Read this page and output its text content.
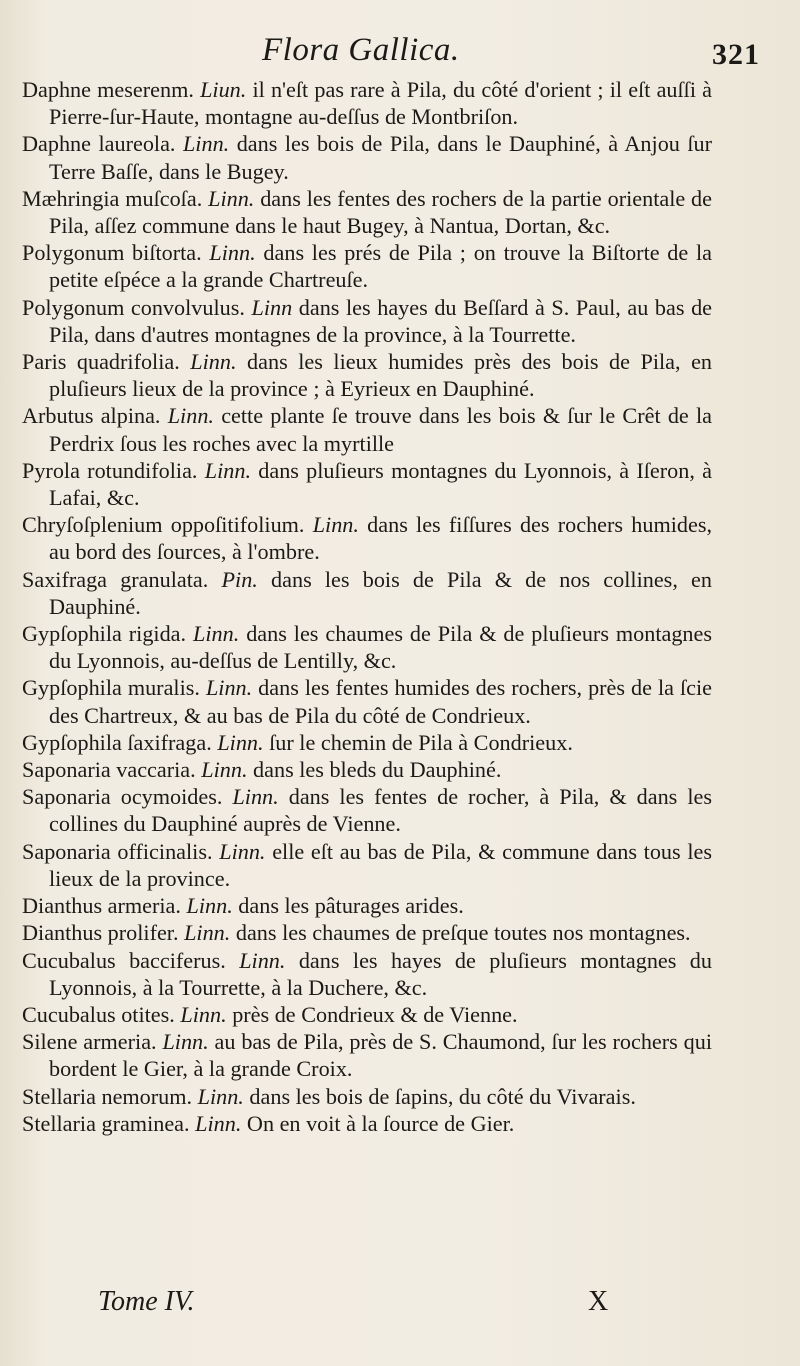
Flora Gallica.	321

Daphne meserenm. Liun. il n'eſt pas rare à Pila, du côté d'orient ; il eſt auſſi à Pierre-ſur-Haute, montagne au-deſſus de Montbriſon.

Daphne laureola. Linn. dans les bois de Pila, dans le Dauphiné, à Anjou ſur Terre Baſſe, dans le Bugey.

Mæhringia muſcoſa. Linn. dans les fentes des rochers de la partie orientale de Pila, aſſez commune dans le haut Bugey, à Nantua, Dortan, &c.

Polygonum biſtorta. Linn. dans les prés de Pila ; on trouve la Biſtorte de la petite eſpéce a la grande Chartreuſe.

Polygonum convolvulus. Linn dans les hayes du Beſſard à S. Paul, au bas de Pila, dans d'autres montagnes de la province, à la Tourrette.

Paris quadrifolia. Linn. dans les lieux humides près des bois de Pila, en pluſieurs lieux de la province ; à Eyrieux en Dauphiné.

Arbutus alpina. Linn. cette plante ſe trouve dans les bois & ſur le Crêt de la Perdrix ſous les roches avec la myrtille

Pyrola rotundifolia. Linn. dans pluſieurs montagnes du Lyonnois, à Iſeron, à Lafai, &c.

Chryſoſplenium oppoſitifolium. Linn. dans les fiſſures des rochers humides, au bord des ſources, à l'ombre.

Saxifraga granulata. Pin. dans les bois de Pila & de nos collines, en Dauphiné.

Gypſophila rigida. Linn. dans les chaumes de Pila & de pluſieurs montagnes du Lyonnois, au-deſſus de Lentilly, &c.

Gypſophila muralis. Linn. dans les fentes humides des rochers, près de la ſcie des Chartreux, & au bas de Pila du côté de Condrieux.

Gypſophila ſaxifraga. Linn. ſur le chemin de Pila à Condrieux.

Saponaria vaccaria. Linn. dans les bleds du Dauphiné.

Saponaria ocymoides. Linn. dans les fentes de rocher, à Pila, & dans les collines du Dauphiné auprès de Vienne.

Saponaria officinalis. Linn. elle eſt au bas de Pila, & commune dans tous les lieux de la province.

Dianthus armeria. Linn. dans les pâturages arides.

Dianthus prolifer. Linn. dans les chaumes de preſque toutes nos montagnes.

Cucubalus bacciferus. Linn. dans les hayes de pluſieurs montagnes du Lyonnois, à la Tourrette, à la Duchere, &c.

Cucubalus otites. Linn. près de Condrieux & de Vienne.

Silene armeria. Linn. au bas de Pila, près de S. Chaumond, ſur les rochers qui bordent le Gier, à la grande Croix.

Stellaria nemorum. Linn. dans les bois de ſapins, du côté du Vivarais.

Stellaria graminea. Linn. On en voit à la ſource de Gier.

Tome IV.	X
